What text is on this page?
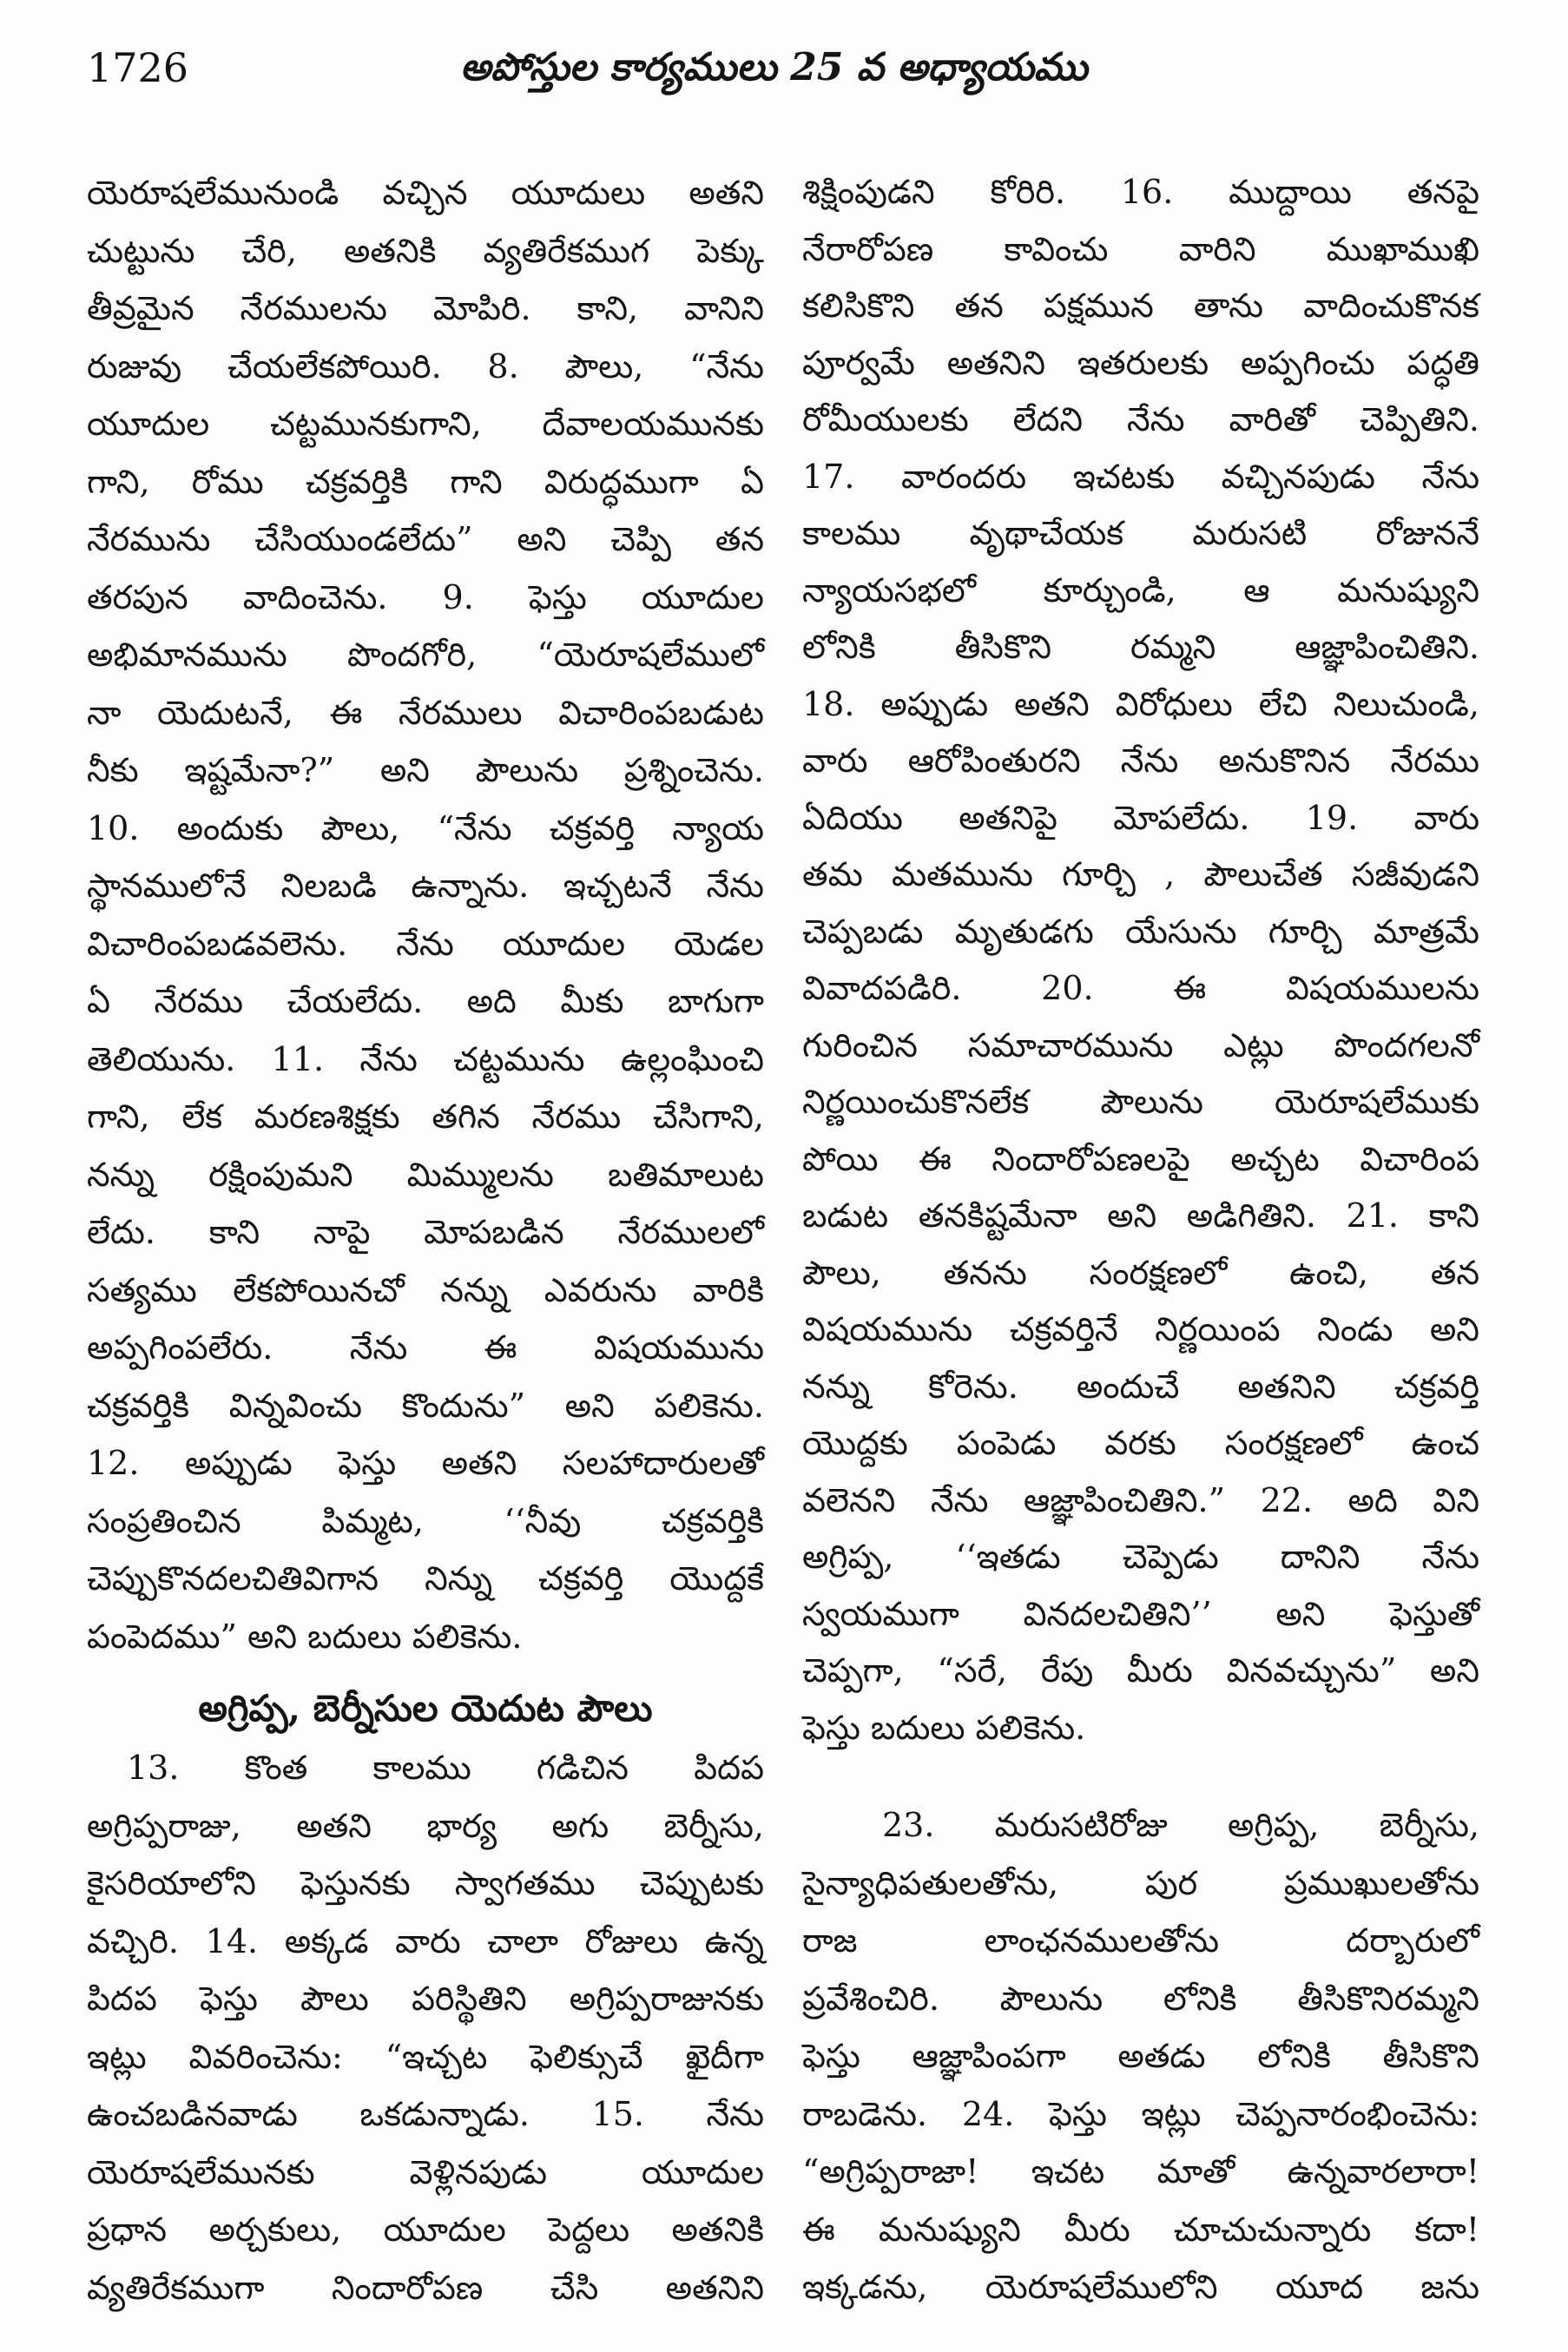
1726	అపోస్తుల కార్యములు 25 వ అధ్యాయము
యెరూషలేమునుండి వచ్చిన యూదులు అతని
చుట్టును చేరి, అతనికి వ్యతిరేకముగ పెక్కు
తీవ్రమైన నేరములను మోపిరి. కాని, వానిని
రుజువు చేయలేకపోయిరి. 8. పౌలు, “నేను
యూదుల చట్టమునకుగాని, దేవాలయమునకు
గాని, రోము చక్రవర్తికి గాని విరుద్ధముగా ఏ
నేరమును చేసియుండలేదు” అని చెప్పి తన
తరపున వాదించెను. 9. ఫెస్తు యూదుల
అభిమానమును పొందగోరి, “యెరూషలేములో
నా యెదుటనే, ఈ నేరములు విచారింపబడుట
నీకు ఇష్టమేనా?” అని పౌలును ప్రశ్నించెను.
10. అందుకు పౌలు, “నేను చక్రవర్తి న్యాయ
స్థానములోనే నిలబడి ఉన్నాను. ఇచ్చటనే నేను
విచారింపబడవలెను. నేను యూదుల యెడల
ఏ నేరము చేయలేదు. అది మీకు బాగుగా
తెలియును. 11. నేను చట్టమును ఉల్లంఘించి
గాని, లేక మరణశిక్షకు తగిన నేరము చేసిగాని,
నన్ను రక్షింపుమని మిమ్ములను బతిమాలుట
లేదు. కాని నాపై మోపబడిన నేరములలో
సత్యము లేకపోయినచో నన్ను ఎవరును వారికి
అప్పగింపలేరు. నేను ఈ విషయమును
చక్రవర్తికి విన్నవించు కొందును” అని పలికెను.
12. అప్పుడు ఫెస్తు అతని సలహాదారులతో
సంప్రతించిన పిమ్మట, ‘‘నీవు చక్రవర్తికి
చెప్పుకొనదలచితివిగాన నిన్ను చక్రవర్తి యొద్దకే
పంపెదము” అని బదులు పలికెను.
అగ్రిప్ప, బెర్నీసుల యెదుట పౌలు
13. కొంత కాలము గడిచిన పిదప
అగ్రిప్పరాజు, అతని భార్య అగు బెర్నీసు,
కైసరియాలోని ఫెస్తునకు స్వాగతము చెప్పుటకు
వచ్చిరి. 14. అక్కడ వారు చాలా రోజులు ఉన్న
పిదప ఫెస్తు పౌలు పరిస్థితిని అగ్రిప్పరాజునకు
ఇట్లు వివరించెను: “ఇచ్చట ఫెలిక్సుచే ఖైదీగా
ఉంచబడినవాడు ఒకడున్నాడు. 15. నేను
యెరూషలేమునకు వెళ్లినపుడు యూదుల
ప్రధాన అర్చకులు, యూదుల పెద్దలు అతనికి
వ్యతిరేకముగా నిందారోపణ చేసి అతనిని
శిక్షింపుడని కోరిరి. 16. ముద్దాయి తనపై
నేరారోపణ కావించు వారిని ముఖాముఖి
కలిసికొని తన పక్షమున తాను వాదించుకొనక
పూర్వమే అతనిని ఇతరులకు అప్పగించు పద్ధతి
రోమీయులకు లేదని నేను వారితో చెప్పితిని.
17. వారందరు ఇచటకు వచ్చినపుడు నేను
కాలము వృథాచేయక మరుసటి రోజుననే
న్యాయసభలో కూర్చుండి, ఆ మనుష్యుని
లోనికి తీసికొని రమ్మని ఆజ్ఞాపించితిని.
18. అప్పుడు అతని విరోధులు లేచి నిలుచుండి,
వారు ఆరోపింతురని నేను అనుకొనిన నేరము
ఏదియు అతనిపై మోపలేదు. 19. వారు
తమ మతమును గూర్చి , పౌలుచేత సజీవుడని
చెప్పబడు మృతుడగు యేసును గూర్చి మాత్రమే
వివాదపడిరి. 20. ఈ విషయములను
గురించిన సమాచారమును ఎట్లు పొందగలనో
నిర్ణయించుకొనలేక పౌలును యెరూషలేముకు
పోయి ఈ నిందారోపణలపై అచ్చట విచారింప
బడుట తనకిష్టమేనా అని అడిగితిని. 21. కాని
పౌలు, తనను సంరక్షణలో ఉంచి, తన
విషయమును చక్రవర్తినే నిర్ణయింప నిండు అని
నన్ను కోరెను. అందుచే అతనిని చక్రవర్తి
యొద్దకు పంపెడు వరకు సంరక్షణలో ఉంచ
వలెనని నేను ఆజ్ఞాపించితిని.” 22. అది విని
అగ్రిప్ప, ‘‘ఇతడు చెప్పెడు దానిని నేను
స్వయముగా వినదలచితిని’’ అని ఫెస్తుతో
చెప్పగా, “సరే, రేపు మీరు వినవచ్చును” అని
ఫెస్తు బదులు పలికెను.
23. మరుసటిరోజు అగ్రిప్ప, బెర్నీసు,
సైన్యాధిపతులతోను, పుర ప్రముఖులతోను
రాజ లాంఛనములతోను దర్బారులో
ప్రవేశించిరి. పౌలును లోనికి తీసికొనిరమ్మని
ఫెస్తు ఆజ్ఞాపింపగా అతడు లోనికి తీసికొని
రాబడెను. 24. ఫెస్తు ఇట్లు చెప్పనారంభించెను:
“అగ్రిప్పరాజా! ఇచట మాతో ఉన్నవారలారా!
ఈ మనుష్యుని మీరు చూచుచున్నారు కదా!
ఇక్కడను, యెరూషలేములోని యూద జను
